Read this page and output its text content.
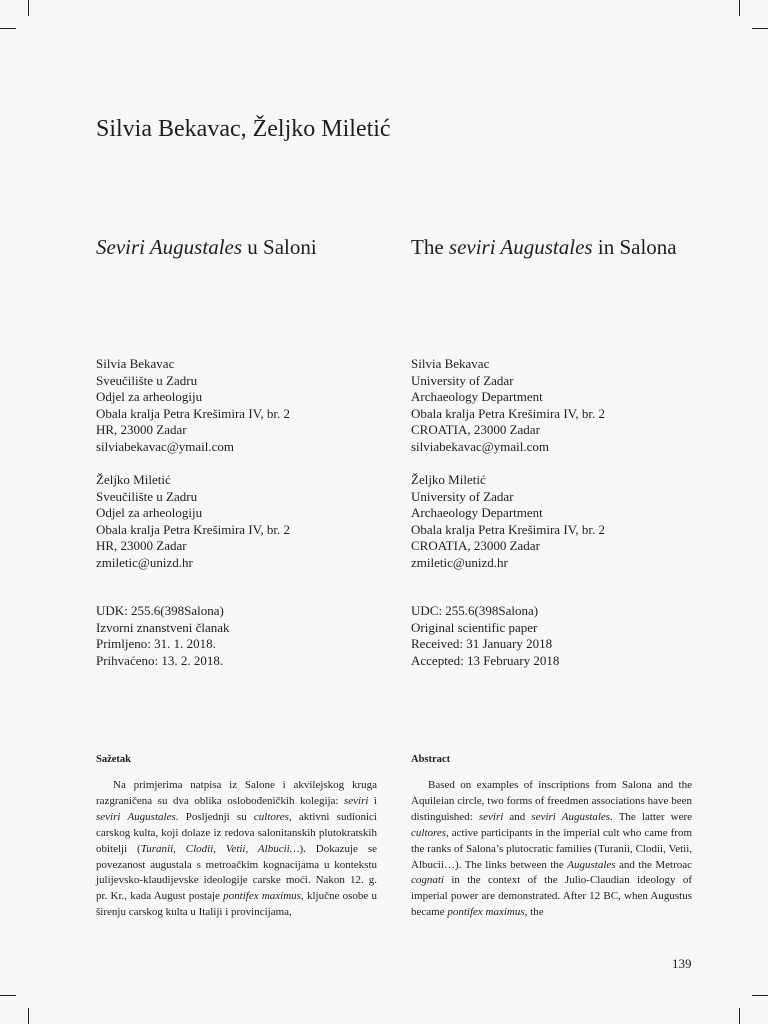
Silvia Bekavac, Željko Miletić
Seviri Augustales u Saloni	The seviri Augustales in Salona
Silvia Bekavac
Sveučilište u Zadru
Odjel za arheologiju
Obala kralja Petra Krešimira IV, br. 2
HR, 23000 Zadar
silviabekavac@ymail.com
Željko Miletić
Sveučilište u Zadru
Odjel za arheologiju
Obala kralja Petra Krešimira IV, br. 2
HR, 23000 Zadar
zmiletic@unizd.hr
Silvia Bekavac
University of Zadar
Archaeology Department
Obala kralja Petra Krešimira IV, br. 2
CROATIA, 23000 Zadar
silviabekavac@ymail.com
Željko Miletić
University of Zadar
Archaeology Department
Obala kralja Petra Krešimira IV, br. 2
CROATIA, 23000 Zadar
zmiletic@unizd.hr
UDK: 255.6(398Salona)
Izvorni znanstveni članak
Primljeno: 31. 1. 2018.
Prihvaćeno: 13. 2. 2018.
UDC: 255.6(398Salona)
Original scientific paper
Received: 31 January 2018
Accepted: 13 February 2018
Sažetak	Abstract

Na primjerima natpisa iz Salone i akvilejskog kruga razgraničena su dva oblika oslobođeničkih kolegija: seviri i seviri Augustales. Posljednji su cultores, aktivni sudionici carskog kulta, koji dolaze iz redova salonitanskih plutokratskih obitelji (Turanii, Clodii, Vetii, Albucii…). Dokazuje se povezanost augustala s metroačkim kognacijama u kontekstu julijevsko-klaudijevske ideologije carske moći. Nakon 12. g. pr. Kr., kada August postaje pontifex maximus, ključne osobe u širenju carskog kulta u Italiji i provincijama,

Based on examples of inscriptions from Salona and the Aquileian circle, two forms of freedmen associations have been distinguished: seviri and seviri Augustales. The latter were cultores, active participants in the imperial cult who came from the ranks of Salona’s plutocratic families (Turanii, Clodii, Vetii, Albucii…). The links between the Augustales and the Metroac cognati in the context of the Julio-Claudian ideology of imperial power are demonstrated. After 12 BC, when Augustus became pontifex maximus, the

139
